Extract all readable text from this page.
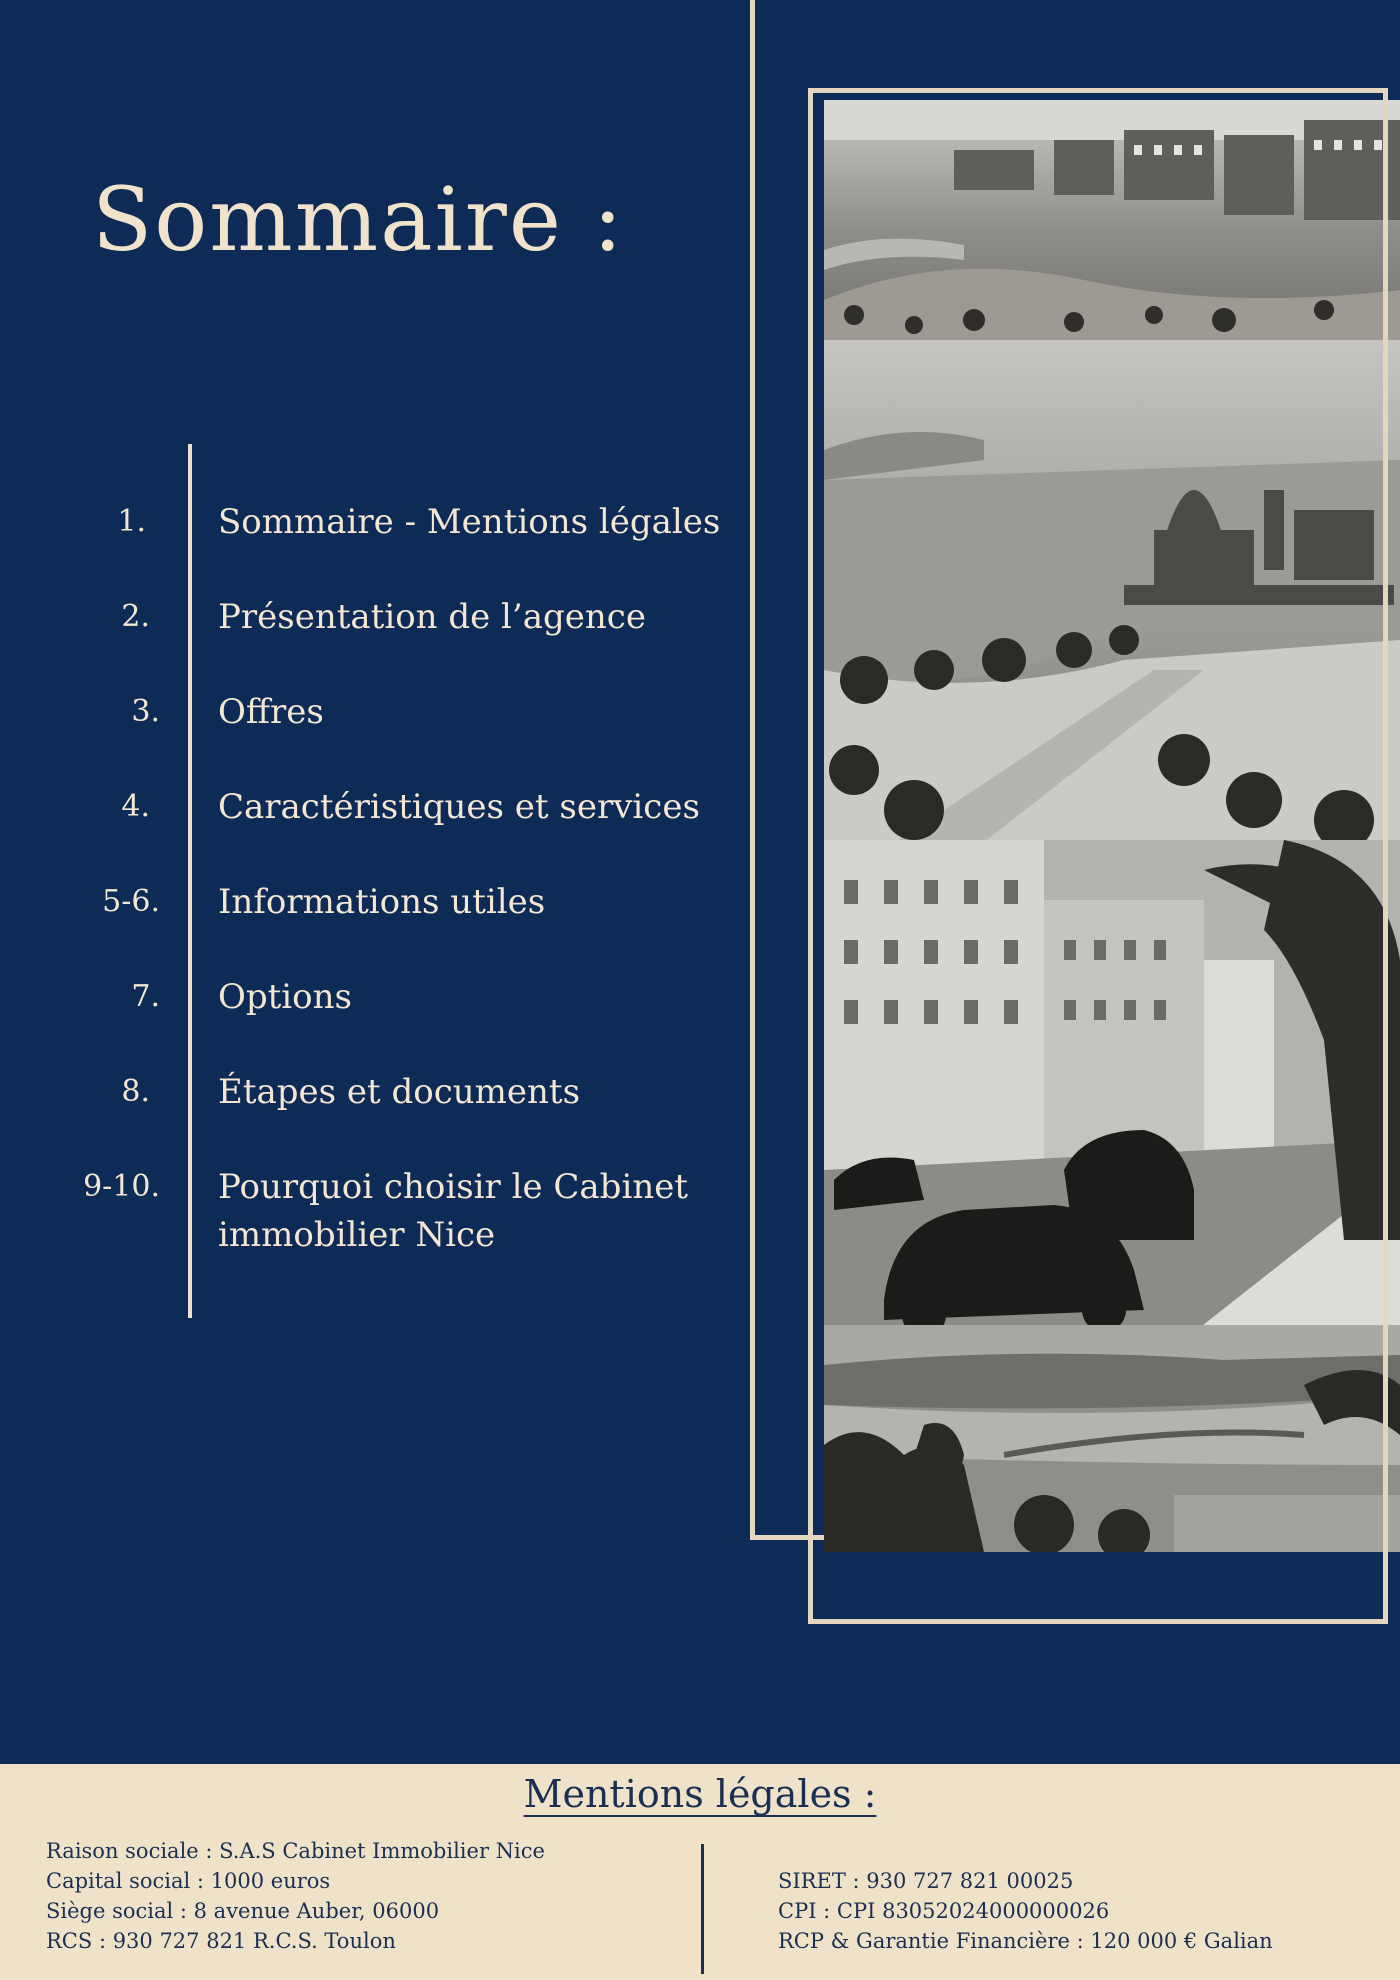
Sommaire :
1. Sommaire - Mentions légales
2. Présentation de l’agence
3. Offres
4. Caractéristiques et services
5-6. Informations utiles
7. Options
8. Étapes et documents
9-10. Pourquoi choisir le Cabinet immobilier Nice
Mentions légales :
Raison sociale : S.A.S Cabinet Immobilier Nice
Capital social : 1000 euros
Siège social : 8 avenue Auber, 06000
RCS : 930 727 821 R.C.S. Toulon
SIRET : 930 727 821 00025
CPI : CPI 83052024000000026
RCP & Garantie Financière : 120 000 € Galian
